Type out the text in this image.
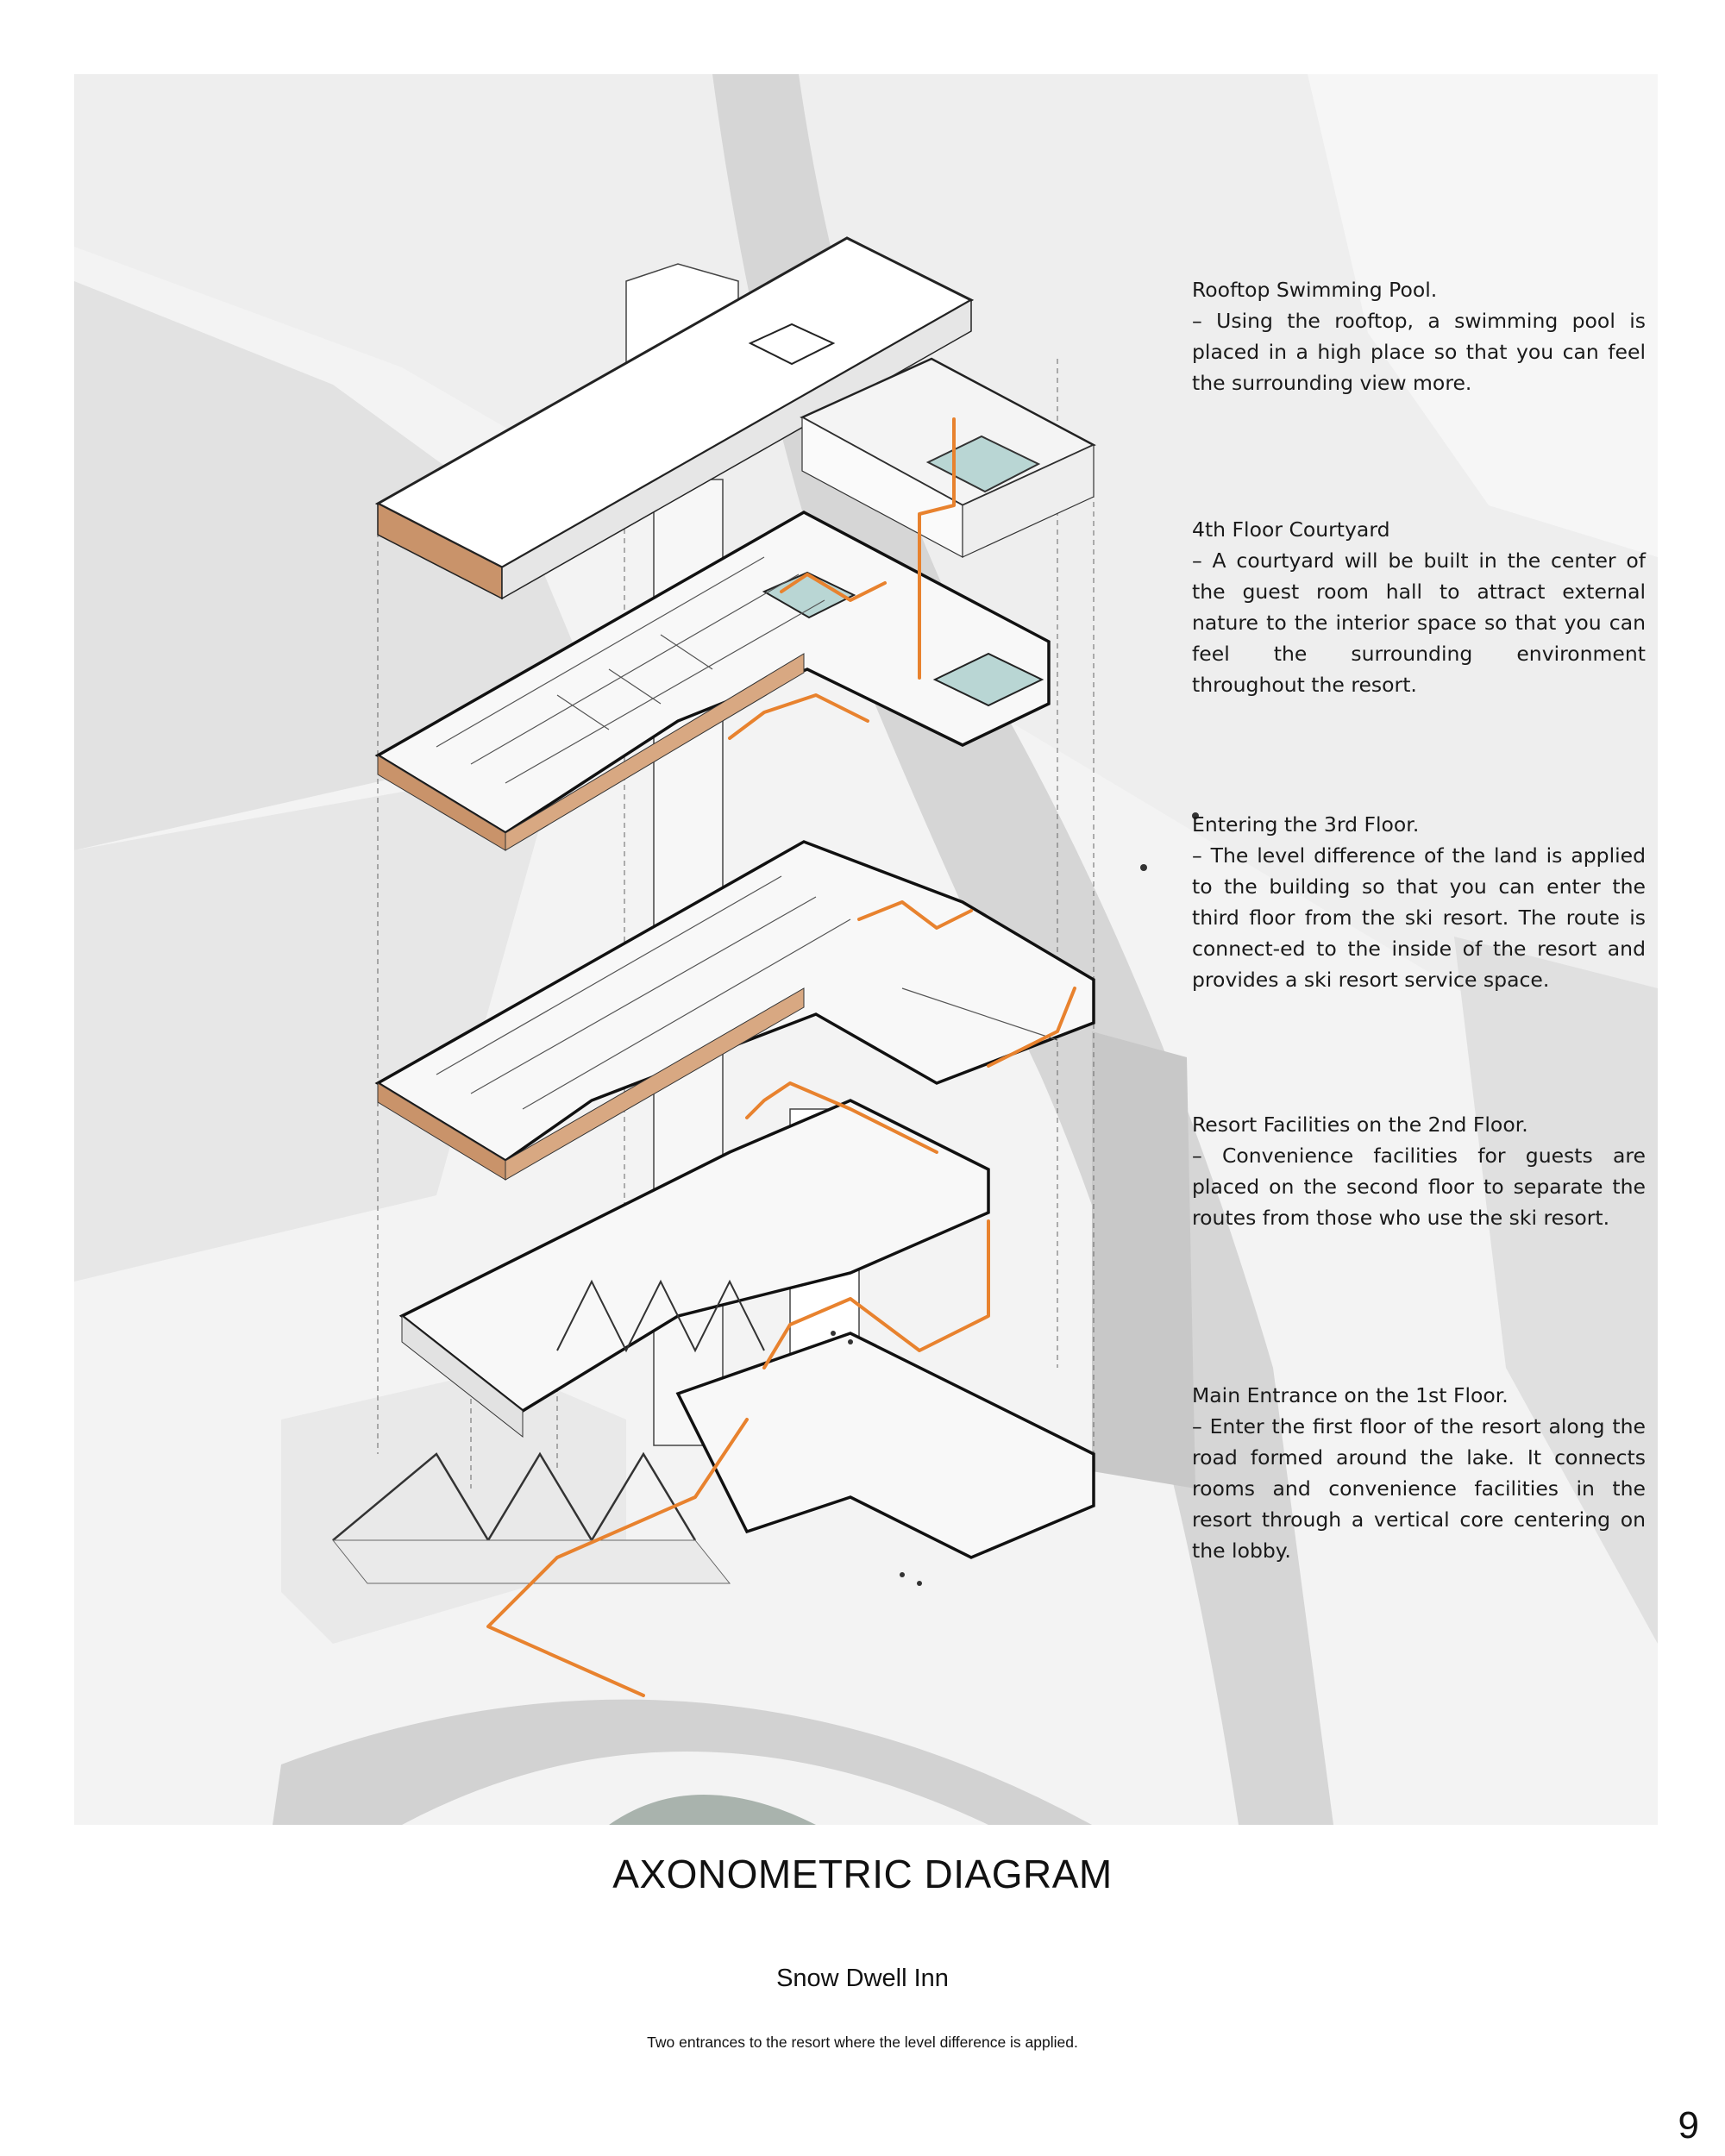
Rooftop Swimming Pool.
– Using the rooftop, a swimming pool is placed in a high place so that you can feel the surrounding view more.
4th Floor Courtyard
– A courtyard will be built in the center of the guest room hall to attract external nature to the interior space so that you can feel the surrounding environment throughout the resort.
Entering the 3rd Floor.
– The level difference of the land is applied to the building so that you can enter the third floor from the ski resort. The route is connect-ed to the inside of the resort and provides a ski resort service space.
Resort Facilities on the 2nd Floor.
– Convenience facilities for guests are placed on the second floor to separate the routes from those who use the ski resort.
Main Entrance on the 1st Floor.
– Enter the first floor of the resort along the road formed around the lake. It connects rooms and convenience facilities in the resort through a vertical core centering on the lobby.
AXONOMETRIC DIAGRAM
Snow Dwell Inn
Two entrances to the resort where the level difference is applied.
9
